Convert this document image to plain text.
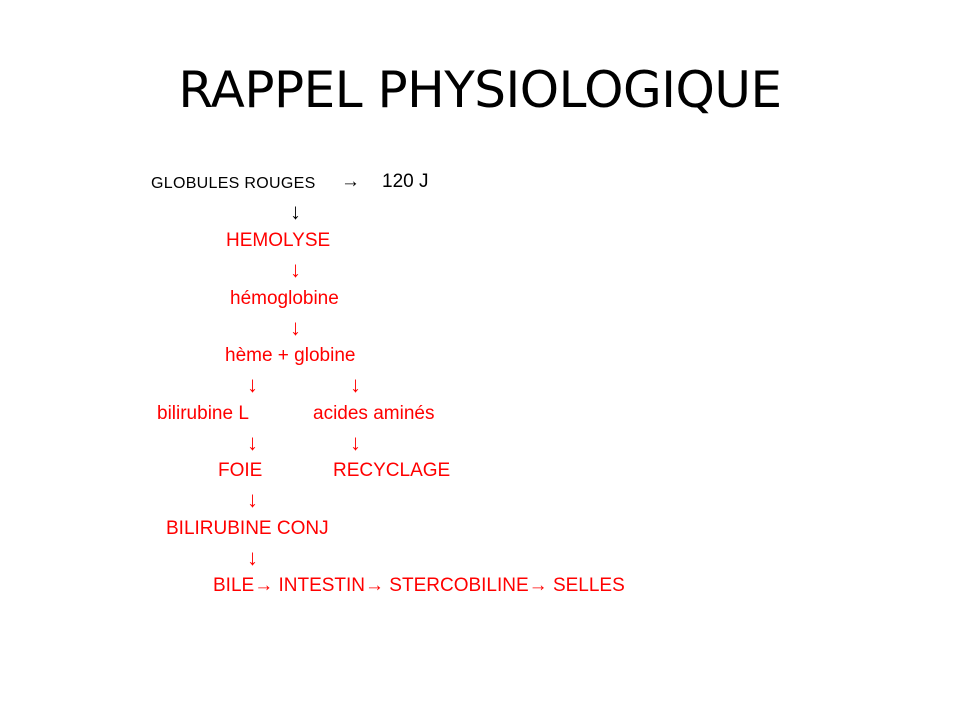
RAPPEL PHYSIOLOGIQUE
GLOBULES ROUGES → 120 J
↓
HEMOLYSE
↓
hémoglobine
↓
hème + globine
↓	↓
bilirubine L	acides aminés
↓	↓
FOIE	RECYCLAGE
↓
BILIRUBINE CONJ
↓
BILE→ INTESTIN→ STERCOBILINE→ SELLES
